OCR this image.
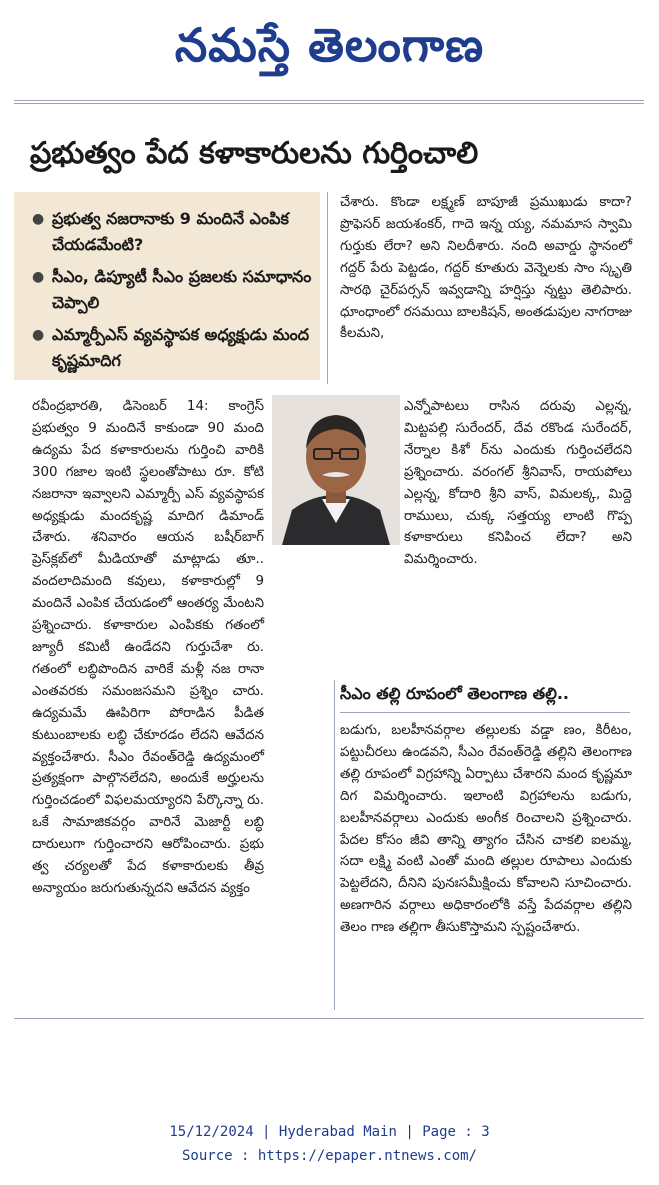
నమస్తే తెలంగాణ
ప్రభుత్వం పేద కళాకారులను గుర్తించాలి
● ప్రభుత్వ నజరానాకు 9 మందినే ఎంపిక చేయడమేంటి?
● సీఎం, డిప్యూటీ సీఎం ప్రజలకు సమాధానం చెప్పాలి
● ఎమ్మార్పీఎస్ వ్యవస్థాపక అధ్యక్షుడు మంద కృష్ణమాదిగ
రవీంద్రభారతి, డిసెంబర్ 14: కాంగ్రెస్ ప్రభుత్వం 9 మందినే కాకుండా 90 మంది ఉద్యమ పేద కళాకారులను గుర్తించి వారికి 300 గజాల ఇంటి స్థలంతోపాటు రూ. కోటి నజరానా ఇవ్వాలని ఎమ్మార్పీ ఎస్ వ్యవస్థాపక అధ్యక్షుడు మందకృష్ణ మాదిగ డిమాండ్ చేశారు. శనివారం ఆయన బషీర్‌బాగ్ ప్రెస్‌క్లబ్‌లో మీడియాతో మాట్లాడు తూ.. వందలాదిమంది కవులు, కళాకారుల్లో 9 మందినే ఎంపిక చేయడంలో ఆంతర్య మేంటని ప్రశ్నించారు. కళాకారుల ఎంపికకు గతంలో జ్యూరీ కమిటీ ఉండేదని గుర్తుచేశా రు. గతంలో లబ్ధిపొందిన వారికే మళ్లీ నజ రానా ఎంతవరకు సమంజసమని ప్రశ్నిం చారు. ఉద్యమమే ఊపిరిగా పోరాడిన పీడిత కుటుంబాలకు లబ్ధి చేకూరడం లేదని ఆవేదన వ్యక్తంచేశారు. సీఎం రేవంత్‌రెడ్డి ఉద్యమంలో ప్రత్యక్షంగా పాల్గొనలేదని, అందుకే అర్హులను గుర్తించడంలో విఫలమయ్యారని పేర్కొన్నా రు. ఒకే సామాజికవర్గం వారినే మెజార్టీ లబ్ధి దారులుగా గుర్తించారని ఆరోపించారు. ప్రభు త్వ చర్యలతో పేద కళాకారులకు తీవ్ర అన్యాయం జరుగుతున్నదని ఆవేదన వ్యక్తం
చేశారు. కొండా లక్ష్మణ్ బాపూజీ ప్రముఖుడు కాదా? ప్రొఫెసర్ జయశంకర్, గాదె ఇన్న య్య, నమమాస స్వామి గుర్తుకు లేరా? అని నిలదీశారు. నంది అవార్డు స్థానంలో గద్దర్ పేరు పెట్టడం, గద్దర్ కూతురు వెన్నెలకు సాం స్కృతి సారథి చైర్‌పర్సన్ ఇవ్వడాన్ని హర్షిస్తు న్నట్టు తెలిపారు. ధూంధాంలో రసమయి బాలకిషన్, అంతడుపుల నాగరాజు కీలమని,
ఎన్నోపాటలు రాసిన దరువు ఎల్లన్న, మిట్టపల్లి సురేందర్, దేవ రకొండ సురేందర్, నేర్నాల కిశో ర్‌ను ఎందుకు గుర్తించలేదని ప్రశ్నించారు. వరంగల్ శ్రీనివాస్, రాయపోలు ఎల్లన్న, కోదారి శ్రీని వాస్, విమలక్క, మిద్దె రాములు, చుక్క సత్తయ్య లాంటి గొప్ప కళాకారులు కనిపించ లేదా? అని విమర్శించారు.
సీఎం తల్లి రూపంలో తెలంగాణ తల్లి..
బడుగు, బలహీనవర్గాల తల్లులకు వడ్డా ణం, కిరీటం, పట్టుచీరలు ఉండవని, సీఎం రేవంత్‌రెడ్డి తల్లిని తెలంగాణ తల్లి రూపంలో విగ్రహాన్ని ఏర్పాటు చేశారని మంద కృష్ణమా దిగ విమర్శించారు. ఇలాంటి విగ్రహాలను బడుగు, బలహీనవర్గాలు ఎందుకు అంగీక రించాలని ప్రశ్నించారు. పేదల కోసం జీవి తాన్ని త్యాగం చేసిన చాకలి ఐలమ్మ, సదా లక్ష్మి వంటి ఎంతో మంది తల్లుల రూపాలు ఎందుకు పెట్టలేదని, దీనిని పునఃసమీక్షించు కోవాలని సూచించారు. అణగారిన వర్గాలు అధికారంలోకి వస్తే పేదవర్గాల తల్లిని తెలం గాణ తల్లిగా తీసుకొస్తామని స్పష్టంచేశారు.
15/12/2024 | Hyderabad Main | Page : 3
Source : https://epaper.ntnews.com/
